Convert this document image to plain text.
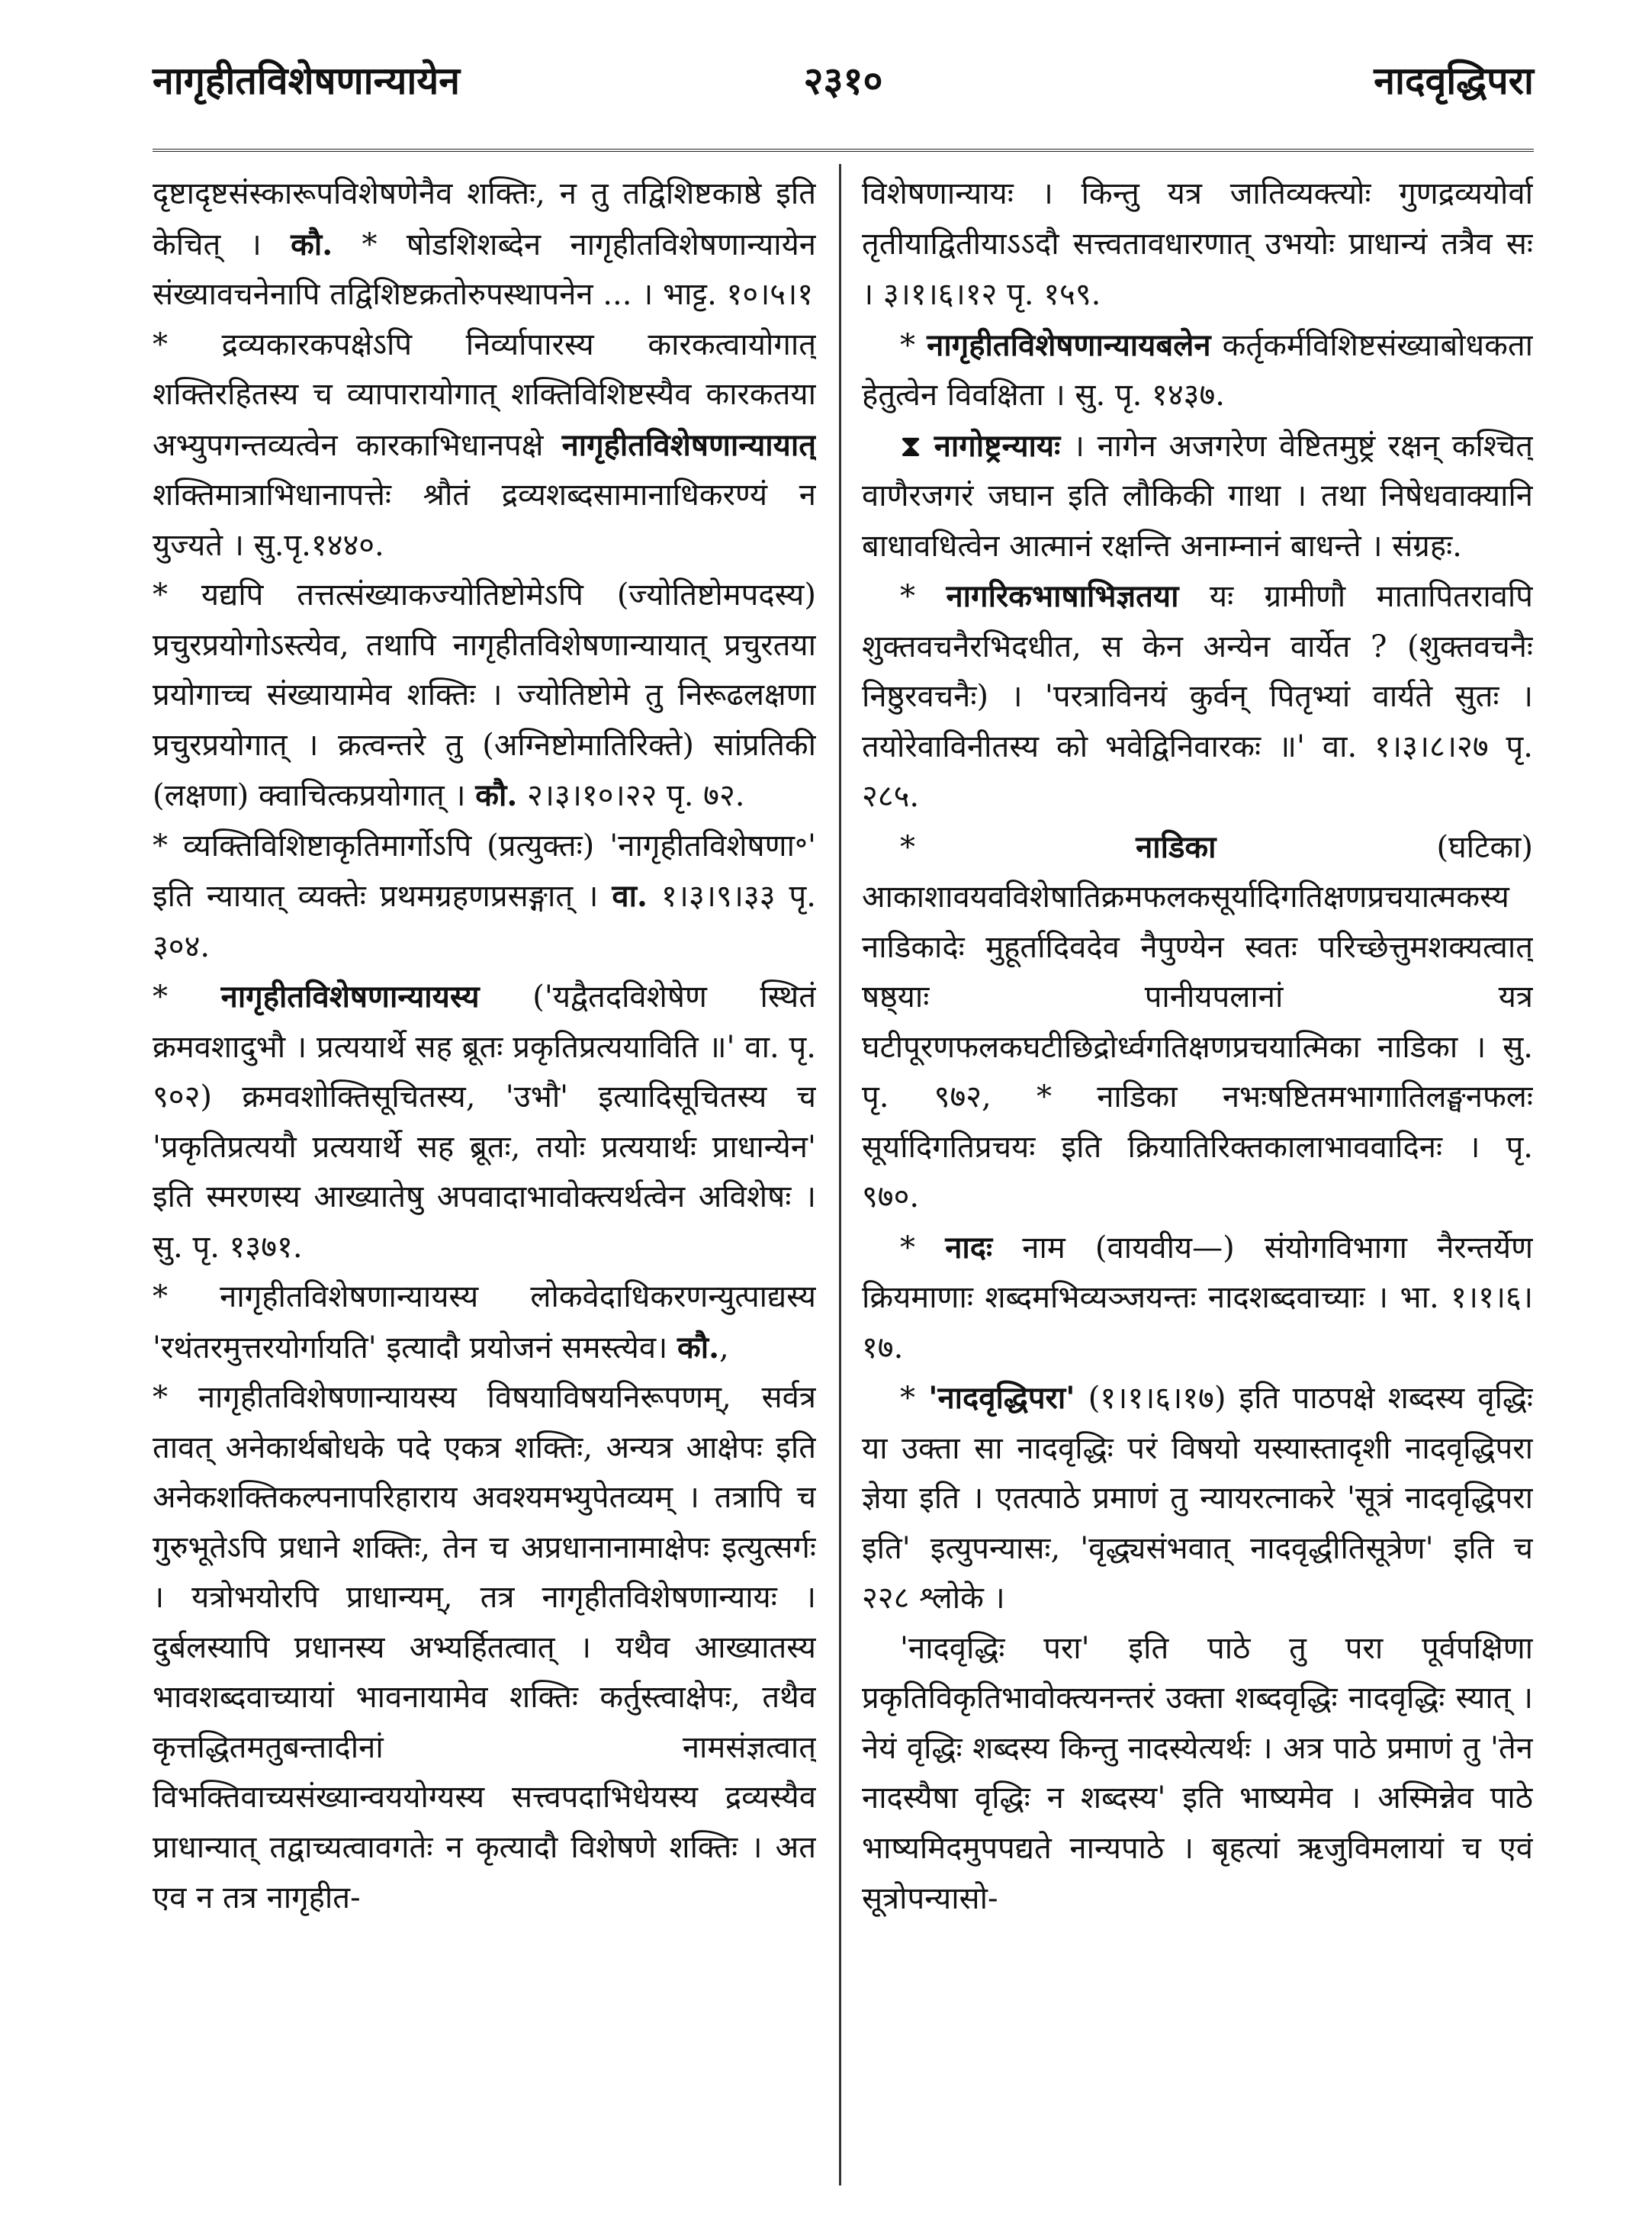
२३१०
नागृहीतविशेषणान्यायेन	नादवृद्धिपरा

दृष्टादृष्टसंस्कारूपविशेषणेनैव शक्तिः, न तु तद्विशिष्टकाष्ठे इति केचित् । कौ. * षोडशिशब्देन नागृहीतविशेषणान्यायेन संख्यावचनेनापि तद्विशिष्टक्रतोरुपस्थापनेन ... । भाट्ट. १०।५।१

* द्रव्यकारकपक्षेऽपि निर्व्यापारस्य कारकत्वायोगात् शक्तिरहितस्य च व्यापारायोगात् शक्तिविशिष्टस्यैव कारकतया अभ्युपगन्तव्यत्वेन कारकाभिधानपक्षे नागृहीतविशेषणान्यायात् शक्तिमात्राभिधानापत्तेः श्रौतं द्रव्यशब्दसामानाधिकरण्यं न युज्यते । सु.पृ.१४४०.

* यद्यपि तत्तत्संख्याकज्योतिष्टोमेऽपि (ज्योतिष्टोमपदस्य) प्रचुरप्रयोगोऽस्त्येव, तथापि नागृहीतविशेषणान्यायात् प्रचुरतया प्रयोगाच्च संख्यायामेव शक्तिः । ज्योतिष्टोमे तु निरूढलक्षणा प्रचुरप्रयोगात् । क्रत्वन्तरे तु (अग्निष्टोमातिरिक्ते) सांप्रतिकी (लक्षणा) क्वाचित्कप्रयोगात् । कौ. २।३।१०।२२ पृ. ७२.

* व्यक्तिविशिष्टाकृतिमार्गोऽपि (प्रत्युक्तः) 'नागृहीतविशेषणा॰' इति न्यायात् व्यक्तेः प्रथमग्रहणप्रसङ्गात् । वा. १।३।९।३३ पृ. ३०४.

* नागृहीतविशेषणान्यायस्य ('यद्वैतदविशेषेण स्थितं क्रमवशादुभौ । प्रत्ययार्थे सह ब्रूतः प्रकृतिप्रत्ययाविति ॥' वा. पृ. ९०२) क्रमवशोक्तिसूचितस्य, 'उभौ' इत्यादिसूचितस्य च 'प्रकृतिप्रत्ययौ प्रत्ययार्थे सह ब्रूतः, तयोः प्रत्ययार्थः प्राधान्येन' इति स्मरणस्य आख्यातेषु अपवादाभावोक्त्यर्थत्वेन अविशेषः । सु. पृ. १३७१.

* नागृहीतविशेषणान्यायस्य लोकवेदाधिकरणन्युत्पाद्यस्य 'रथंतरमुत्तरयोर्गायति' इत्यादौ प्रयोजनं समस्त्येव। कौ.,

* नागृहीतविशेषणान्यायस्य विषयाविषयनिरूपणम्, सर्वत्र तावत् अनेकार्थबोधके पदे एकत्र शक्तिः, अन्यत्र आक्षेपः इति अनेकशक्तिकल्पनापरिहाराय अवश्यमभ्युपेतव्यम् । तत्रापि च गुरुभूतेऽपि प्रधाने शक्तिः, तेन च अप्रधानानामाक्षेपः इत्युत्सर्गः । यत्रोभयोरपि प्राधान्यम्, तत्र नागृहीतविशेषणान्यायः । दुर्बलस्यापि प्रधानस्य अभ्यर्हितत्वात् । यथैव आख्यातस्य भावशब्दवाच्यायां भावनायामेव शक्तिः कर्तुस्त्वाक्षेपः, तथैव कृत्तद्धितमतुबन्तादीनां नामसंज्ञत्वात् विभक्तिवाच्यसंख्यान्वययोग्यस्य सत्त्वपदाभिधेयस्य द्रव्यस्यैव प्राधान्यात् तद्वाच्यत्वावगतेः न कृत्यादौ विशेषणे शक्तिः । अत एव न तत्र नागृहीत-

विशेषणान्यायः । किन्तु यत्र जातिव्यक्त्योः गुणद्रव्ययोर्वा तृतीयाद्वितीयाऽऽदौ सत्त्वतावधारणात् उभयोः प्राधान्यं तत्रैव सः । ३।१।६।१२ पृ. १५९.

* नागृहीतविशेषणान्यायबलेन कर्तृकर्मविशिष्टसंख्याबोधकता हेतुत्वेन विवक्षिता । सु. पृ. १४३७.

⧗ नागोष्ट्रन्यायः । नागेन अजगरेण वेष्टितमुष्ट्रं रक्षन् कश्चित् वाणैरजगरं जघान इति लौकिकी गाथा । तथा निषेधवाक्यानि बाधावधित्वेन आत्मानं रक्षन्ति अनाम्नानं बाधन्ते । संग्रहः.

* नागरिकभाषाभिज्ञतया यः ग्रामीणौ मातापितरावपि शुक्तवचनैरभिदधीत, स केन अन्येन वार्येत ? (शुक्तवचनैः निष्ठुरवचनैः) । 'परत्राविनयं कुर्वन् पितृभ्यां वार्यते सुतः । तयोरेवाविनीतस्य को भवेद्विनिवारकः ॥' वा. १।३।८।२७ पृ. २८५.

* नाडिका (घटिका) आकाशावयवविशेषातिक्रमफलकसूर्यादिगतिक्षणप्रचयात्मकस्य नाडिकादेः मुहूर्तादिवदेव नैपुण्येन स्वतः परिच्छेत्तुमशक्यत्वात् षष्ठ्याः पानीयपलानां यत्र घटीपूरणफलकघटीछिद्रोर्ध्वगतिक्षणप्रचयात्मिका नाडिका । सु. पृ. ९७२, * नाडिका नभःषष्टितमभागातिलङ्घनफलः सूर्यादिगतिप्रचयः इति क्रियातिरिक्तकालाभाववादिनः । पृ. ९७०.

* नादः नाम (वायवीय—) संयोगविभागा नैरन्तर्येण क्रियमाणाः शब्दमभिव्यञ्जयन्तः नादशब्दवाच्याः । भा. १।१।६।१७.

* 'नादवृद्धिपरा' (१।१।६।१७) इति पाठपक्षे शब्दस्य वृद्धिः या उक्ता सा नादवृद्धिः परं विषयो यस्यास्तादृशी नादवृद्धिपरा ज्ञेया इति । एतत्पाठे प्रमाणं तु न्यायरत्नाकरे 'सूत्रं नादवृद्धिपरा इति' इत्युपन्यासः, 'वृद्ध्यसंभवात् नादवृद्धीतिसूत्रेण' इति च २२८ श्लोके ।

'नादवृद्धिः परा' इति पाठे तु परा पूर्वपक्षिणा प्रकृतिविकृतिभावोक्त्यनन्तरं उक्ता शब्दवृद्धिः नादवृद्धिः स्यात् । नेयं वृद्धिः शब्दस्य किन्तु नादस्येत्यर्थः । अत्र पाठे प्रमाणं तु 'तेन नादस्यैषा वृद्धिः न शब्दस्य' इति भाष्यमेव । अस्मिन्नेव पाठे भाष्यमिदमुपपद्यते नान्यपाठे । बृहत्यां ऋजुविमलायां च एवं सूत्रोपन्यासो-
